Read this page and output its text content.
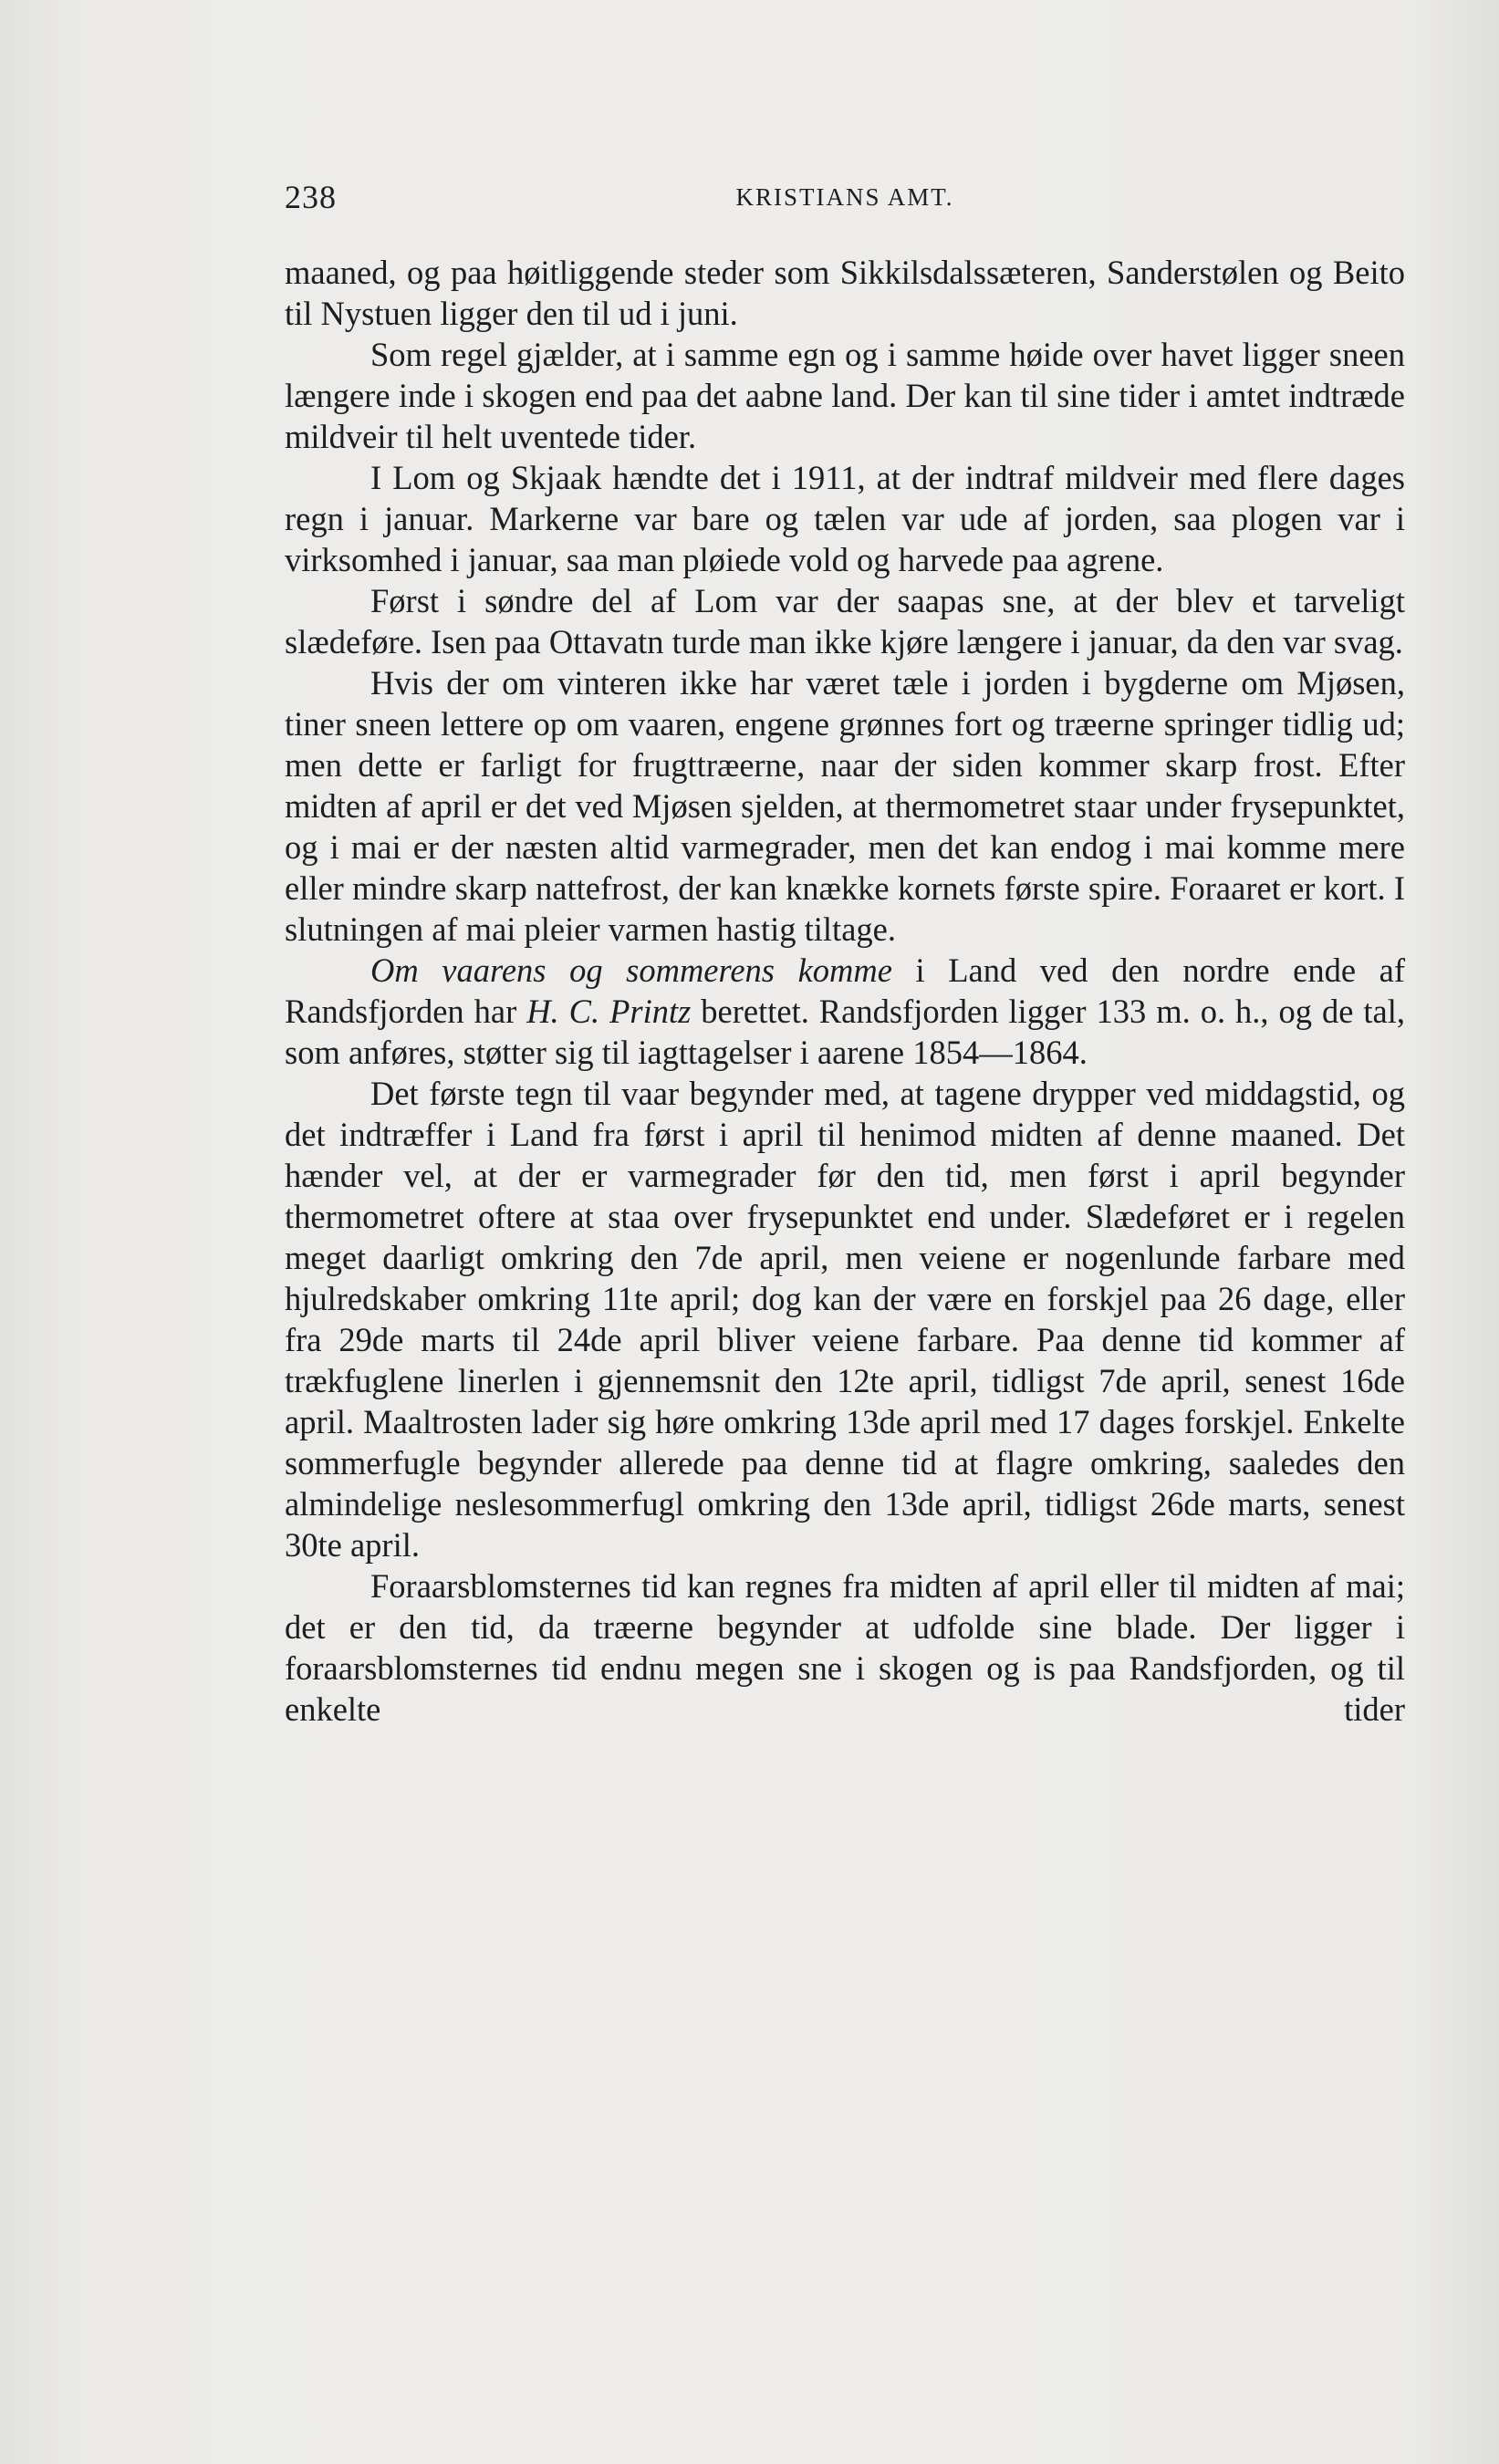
238	KRISTIANS AMT.

maaned, og paa høitliggende steder som Sikkilsdalssæteren, Sanderstølen og Beito til Nystuen ligger den til ud i juni.

Som regel gjælder, at i samme egn og i samme høide over havet ligger sneen længere inde i skogen end paa det aabne land. Der kan til sine tider i amtet indtræde mildveir til helt uventede tider.

I Lom og Skjaak hændte det i 1911, at der indtraf mildveir med flere dages regn i januar. Markerne var bare og tælen var ude af jorden, saa plogen var i virksomhed i januar, saa man pløiede vold og harvede paa agrene.

Først i søndre del af Lom var der saapas sne, at der blev et tarveligt slædeføre. Isen paa Ottavatn turde man ikke kjøre længere i januar, da den var svag.

Hvis der om vinteren ikke har været tæle i jorden i bygderne om Mjøsen, tiner sneen lettere op om vaaren, engene grønnes fort og træerne springer tidlig ud; men dette er farligt for frugttræerne, naar der siden kommer skarp frost. Efter midten af april er det ved Mjøsen sjelden, at thermometret staar under frysepunktet, og i mai er der næsten altid varmegrader, men det kan endog i mai komme mere eller mindre skarp nattefrost, der kan knække kornets første spire. Foraaret er kort. I slutningen af mai pleier varmen hastig tiltage.

Om vaarens og sommerens komme i Land ved den nordre ende af Randsfjorden har H. C. Printz berettet. Randsfjorden ligger 133 m. o. h., og de tal, som anføres, støtter sig til iagttagelser i aarene 1854—1864.

Det første tegn til vaar begynder med, at tagene drypper ved middagstid, og det indtræffer i Land fra først i april til henimod midten af denne maaned. Det hænder vel, at der er varmegrader før den tid, men først i april begynder thermometret oftere at staa over frysepunktet end under. Slædeføret er i regelen meget daarligt omkring den 7de april, men veiene er nogenlunde farbare med hjulredskaber omkring 11te april; dog kan der være en forskjel paa 26 dage, eller fra 29de marts til 24de april bliver veiene farbare. Paa denne tid kommer af trækfuglene linerlen i gjennemsnit den 12te april, tidligst 7de april, senest 16de april. Maaltrosten lader sig høre omkring 13de april med 17 dages forskjel. Enkelte sommerfugle begynder allerede paa denne tid at flagre omkring, saaledes den almindelige neslesommerfugl omkring den 13de april, tidligst 26de marts, senest 30te april.

Foraarsblomsternes tid kan regnes fra midten af april eller til midten af mai; det er den tid, da træerne begynder at udfolde sine blade. Der ligger i foraarsblomsternes tid endnu megen sne i skogen og is paa Randsfjorden, og til enkelte tider
